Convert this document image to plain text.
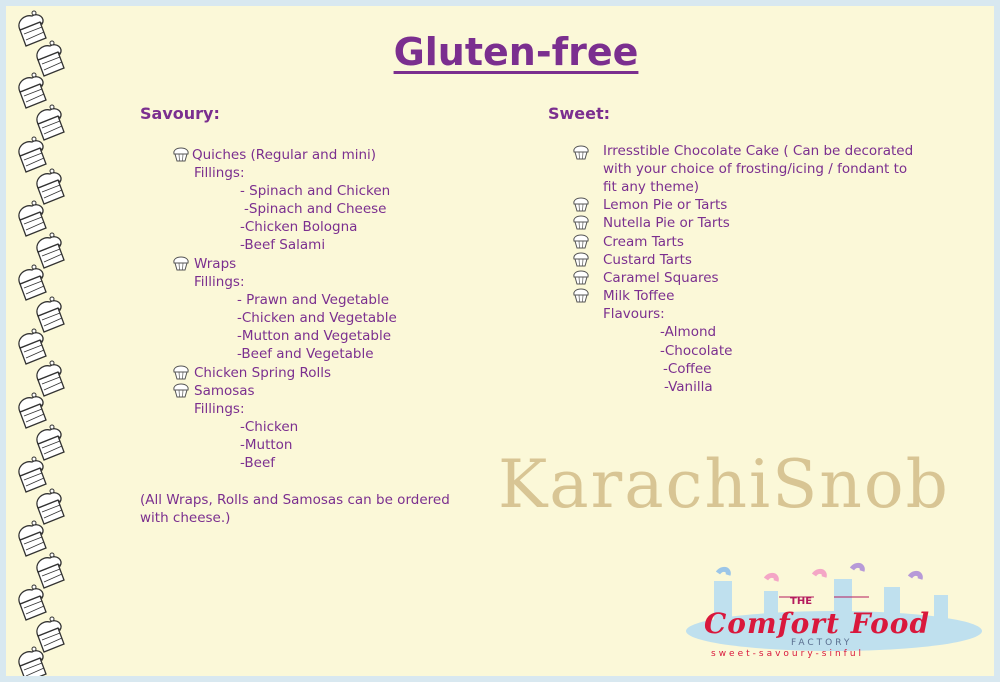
Gluten-free
Savoury:
Quiches (Regular and mini)
Fillings:
- Spinach and Chicken
-Spinach and Cheese
-Chicken Bologna
-Beef Salami
Wraps
Fillings:
- Prawn and Vegetable
-Chicken and Vegetable
-Mutton and Vegetable
-Beef and Vegetable
Chicken Spring Rolls
Samosas
Fillings:
-Chicken
-Mutton
-Beef
(All Wraps, Rolls and Samosas can be ordered
with cheese.)
Sweet:
Irresstible Chocolate Cake ( Can be decorated
with your choice of frosting/icing / fondant to
fit any theme)
Lemon Pie or Tarts
Nutella Pie or Tarts
Cream Tarts
Custard Tarts
Caramel Squares
Milk Toffee
Flavours:
-Almond
-Chocolate
-Coffee
-Vanilla
KarachiSnob
THE
Comfort Food
FACTORY
sweet-savoury-sinful
